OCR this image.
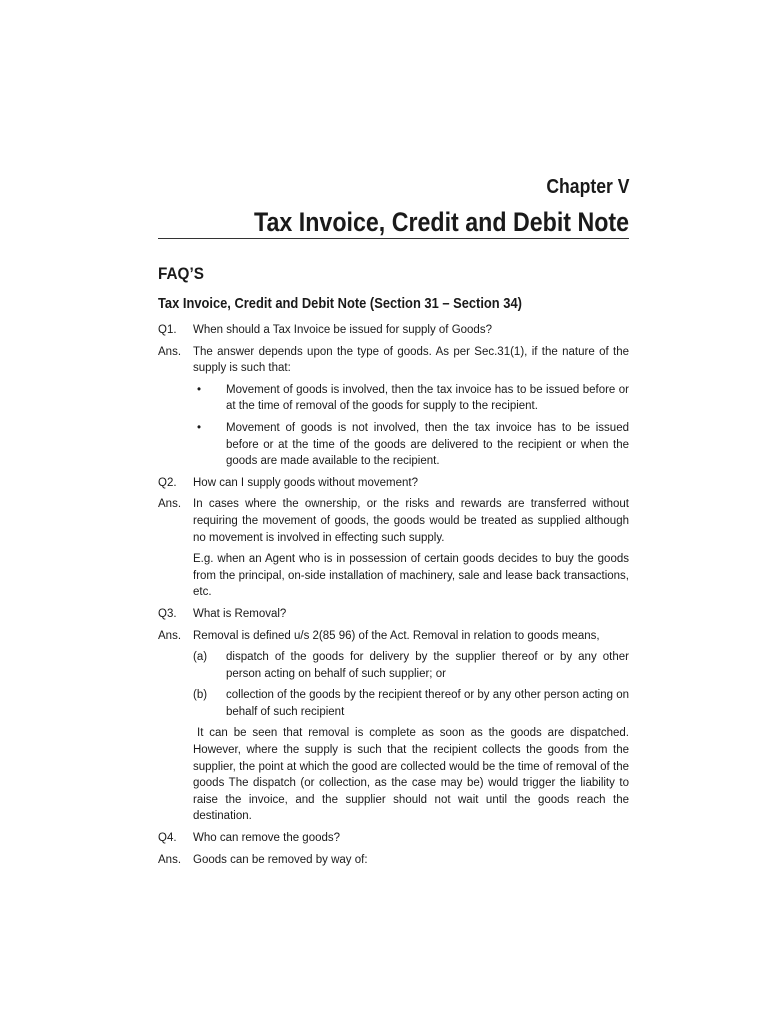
Chapter V
Tax Invoice, Credit and Debit Note
FAQ’S
Tax Invoice, Credit and Debit Note (Section 31 – Section 34)
Q1.	When should a Tax Invoice be issued for supply of Goods?
Ans.	The answer depends upon the type of goods. As per Sec.31(1), if the nature of the supply is such that:
•	Movement of goods is involved, then the tax invoice has to be issued before or at the time of removal of the goods for supply to the recipient.
•	Movement of goods is not involved, then the tax invoice has to be issued before or at the time of the goods are delivered to the recipient or when the goods are made available to the recipient.
Q2.	How can I supply goods without movement?
Ans.	In cases where the ownership, or the risks and rewards are transferred without requiring the movement of goods, the goods would be treated as supplied although no movement is involved in effecting such supply.
E.g. when an Agent who is in possession of certain goods decides to buy the goods from the principal, on-side installation of machinery, sale and lease back transactions, etc.
Q3.	What is Removal?
Ans.	Removal is defined u/s 2(85 96) of the Act. Removal in relation to goods means,
(a)	dispatch of the goods for delivery by the supplier thereof or by any other person acting on behalf of such supplier; or
(b)	collection of the goods by the recipient thereof or by any other person acting on behalf of such recipient
It can be seen that removal is complete as soon as the goods are dispatched. However, where the supply is such that the recipient collects the goods from the supplier, the point at which the good are collected would be the time of removal of the goods The dispatch (or collection, as the case may be) would trigger the liability to raise the invoice, and the supplier should not wait until the goods reach the destination.
Q4.	Who can remove the goods?
Ans.	Goods can be removed by way of:
